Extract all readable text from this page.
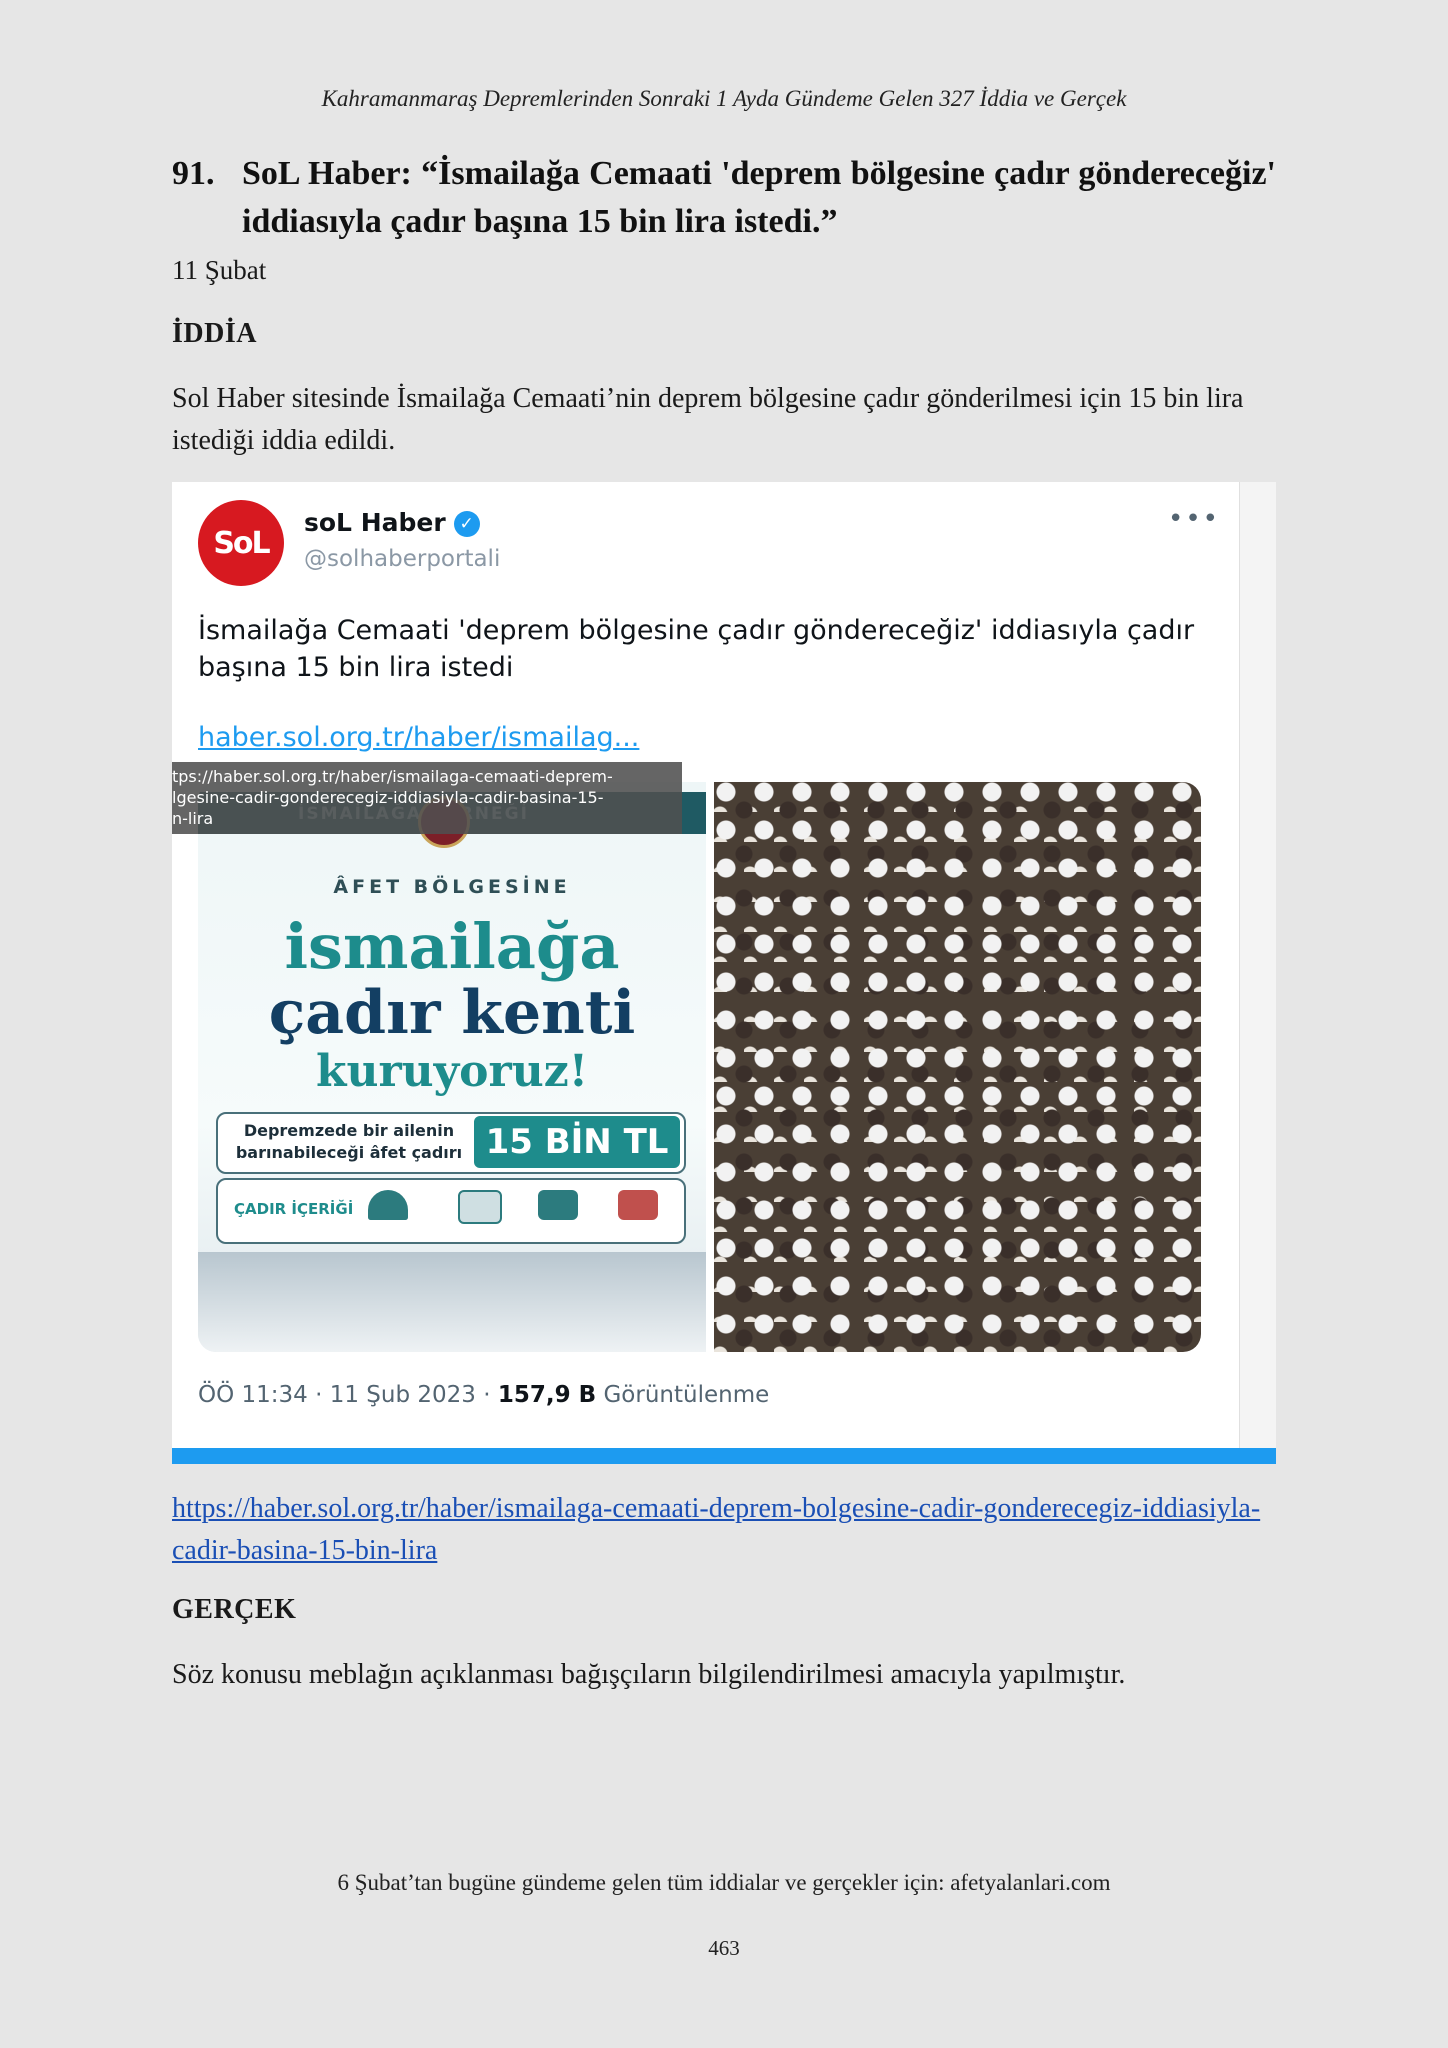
Kahramanmaraş Depremlerinden Sonraki 1 Ayda Gündeme Gelen 327 İddia ve Gerçek
91. SoL Haber: “İsmailağa Cemaati 'deprem bölgesine çadır göndereceğiz' iddiasıyla çadır başına 15 bin lira istedi.”
11 Şubat
İDDİA
Sol Haber sitesinde İsmailağa Cemaati’nin deprem bölgesine çadır gönderilmesi için 15 bin lira istediği iddia edildi.
SoL
soL Haber ✓
@solhaberportali
•••
İsmailağa Cemaati 'deprem bölgesine çadır göndereceğiz' iddiasıyla çadır başına 15 bin lira istedi
haber.sol.org.tr/haber/ismailag...
ÂFET BÖLGESİNE
ismailağa
çadır kenti
kuruyoruz!
Depremzede bir ailenin barınabileceği âfet çadırı 15 BİN TL
ÇADIR İÇERİĞİ
tps://haber.sol.org.tr/haber/ismailaga-cemaati-deprem-
lgesine-cadir-gonderecegiz-iddiasiyla-cadir-basina-15-
n-lira
ÖÖ 11:34 · 11 Şub 2023 · 157,9 B Görüntülenme
https://haber.sol.org.tr/haber/ismailaga-cemaati-deprem-bolgesine-cadir-gonderecegiz-iddiasiyla-cadir-basina-15-bin-lira
GERÇEK
Söz konusu meblağın açıklanması bağışçıların bilgilendirilmesi amacıyla yapılmıştır.
6 Şubat’tan bugüne gündeme gelen tüm iddialar ve gerçekler için: afetyalanlari.com
463
